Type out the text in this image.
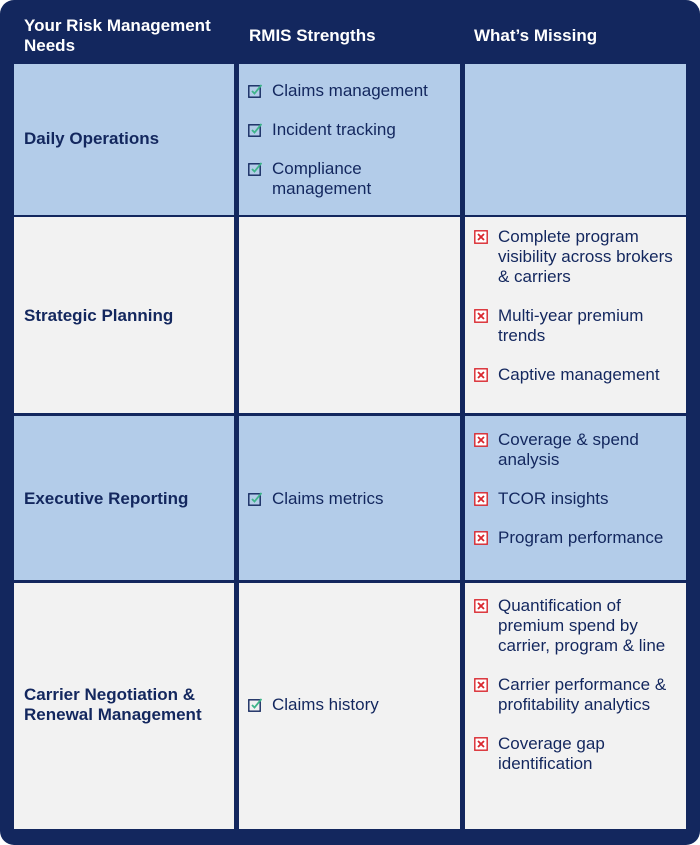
Your Risk Management Needs
RMIS Strengths	What’s Missing
Daily Operations
Claims management
Incident tracking
Compliance management
Strategic Planning
Complete program visibility across brokers & carriers
Multi-year premium trends
Captive management
Executive Reporting	Claims metrics
Coverage & spend analysis
TCOR insights
Program performance
Carrier Negotiation & Renewal Management
Claims history
Quantification of premium spend by carrier, program & line
Carrier performance & profitability analytics
Coverage gap identification
